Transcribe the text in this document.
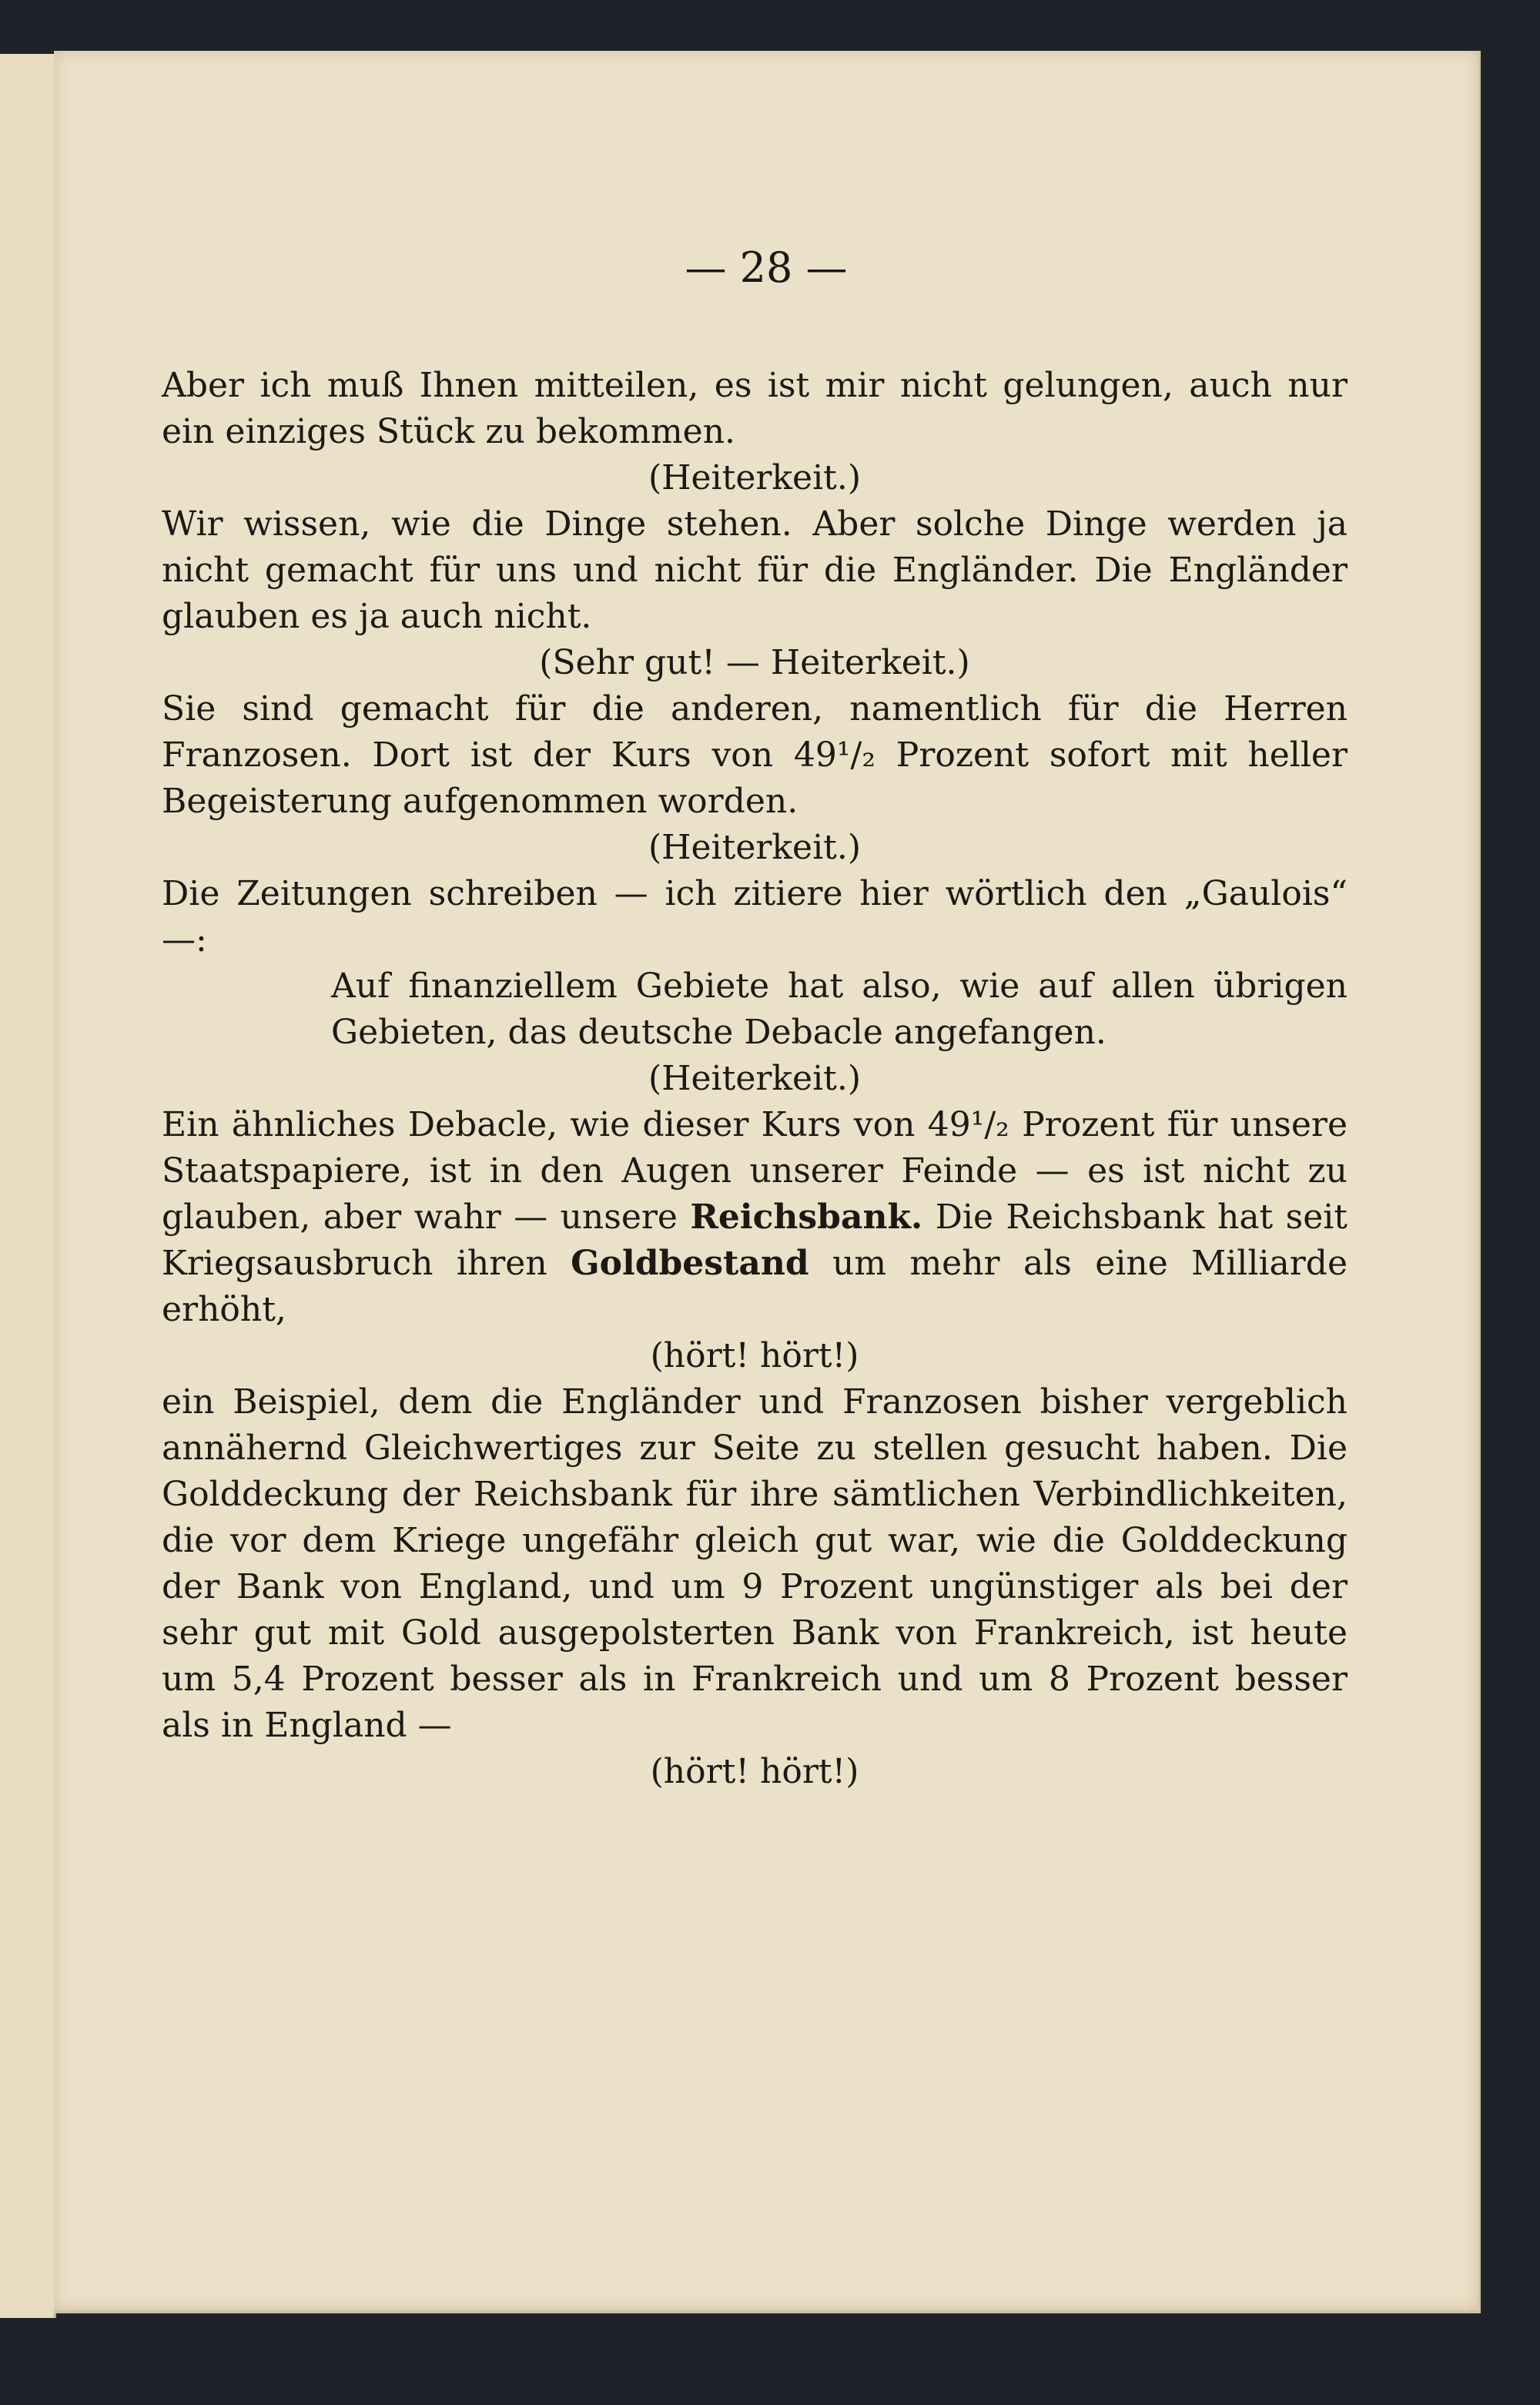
— 28 —

Aber ich muß Ihnen mitteilen, es ist mir nicht gelungen, auch nur ein einziges Stück zu bekommen.

(Heiterkeit.)

Wir wissen, wie die Dinge stehen. Aber solche Dinge werden ja nicht gemacht für uns und nicht für die Engländer. Die Engländer glauben es ja auch nicht.

(Sehr gut! — Heiterkeit.)

Sie sind gemacht für die anderen, namentlich für die Herren Franzosen. Dort ist der Kurs von 49¹/₂ Prozent sofort mit heller Begeisterung aufgenommen worden.

(Heiterkeit.)

Die Zeitungen schreiben — ich zitiere hier wörtlich den „Gaulois“ —:

Auf finanziellem Gebiete hat also, wie auf allen übrigen Gebieten, das deutsche Debacle angefangen.

(Heiterkeit.)

Ein ähnliches Debacle, wie dieser Kurs von 49¹/₂ Prozent für unsere Staatspapiere, ist in den Augen unserer Feinde — es ist nicht zu glauben, aber wahr — unsere Reichsbank. Die Reichsbank hat seit Kriegsausbruch ihren Goldbestand um mehr als eine Milliarde erhöht,

(hört! hört!)

ein Beispiel, dem die Engländer und Franzosen bisher vergeblich annähernd Gleichwertiges zur Seite zu stellen gesucht haben. Die Golddeckung der Reichsbank für ihre sämtlichen Verbindlichkeiten, die vor dem Kriege ungefähr gleich gut war, wie die Golddeckung der Bank von England, und um 9 Prozent ungünstiger als bei der sehr gut mit Gold ausgepolsterten Bank von Frankreich, ist heute um 5,4 Prozent besser als in Frankreich und um 8 Prozent besser als in England —

(hört! hört!)
